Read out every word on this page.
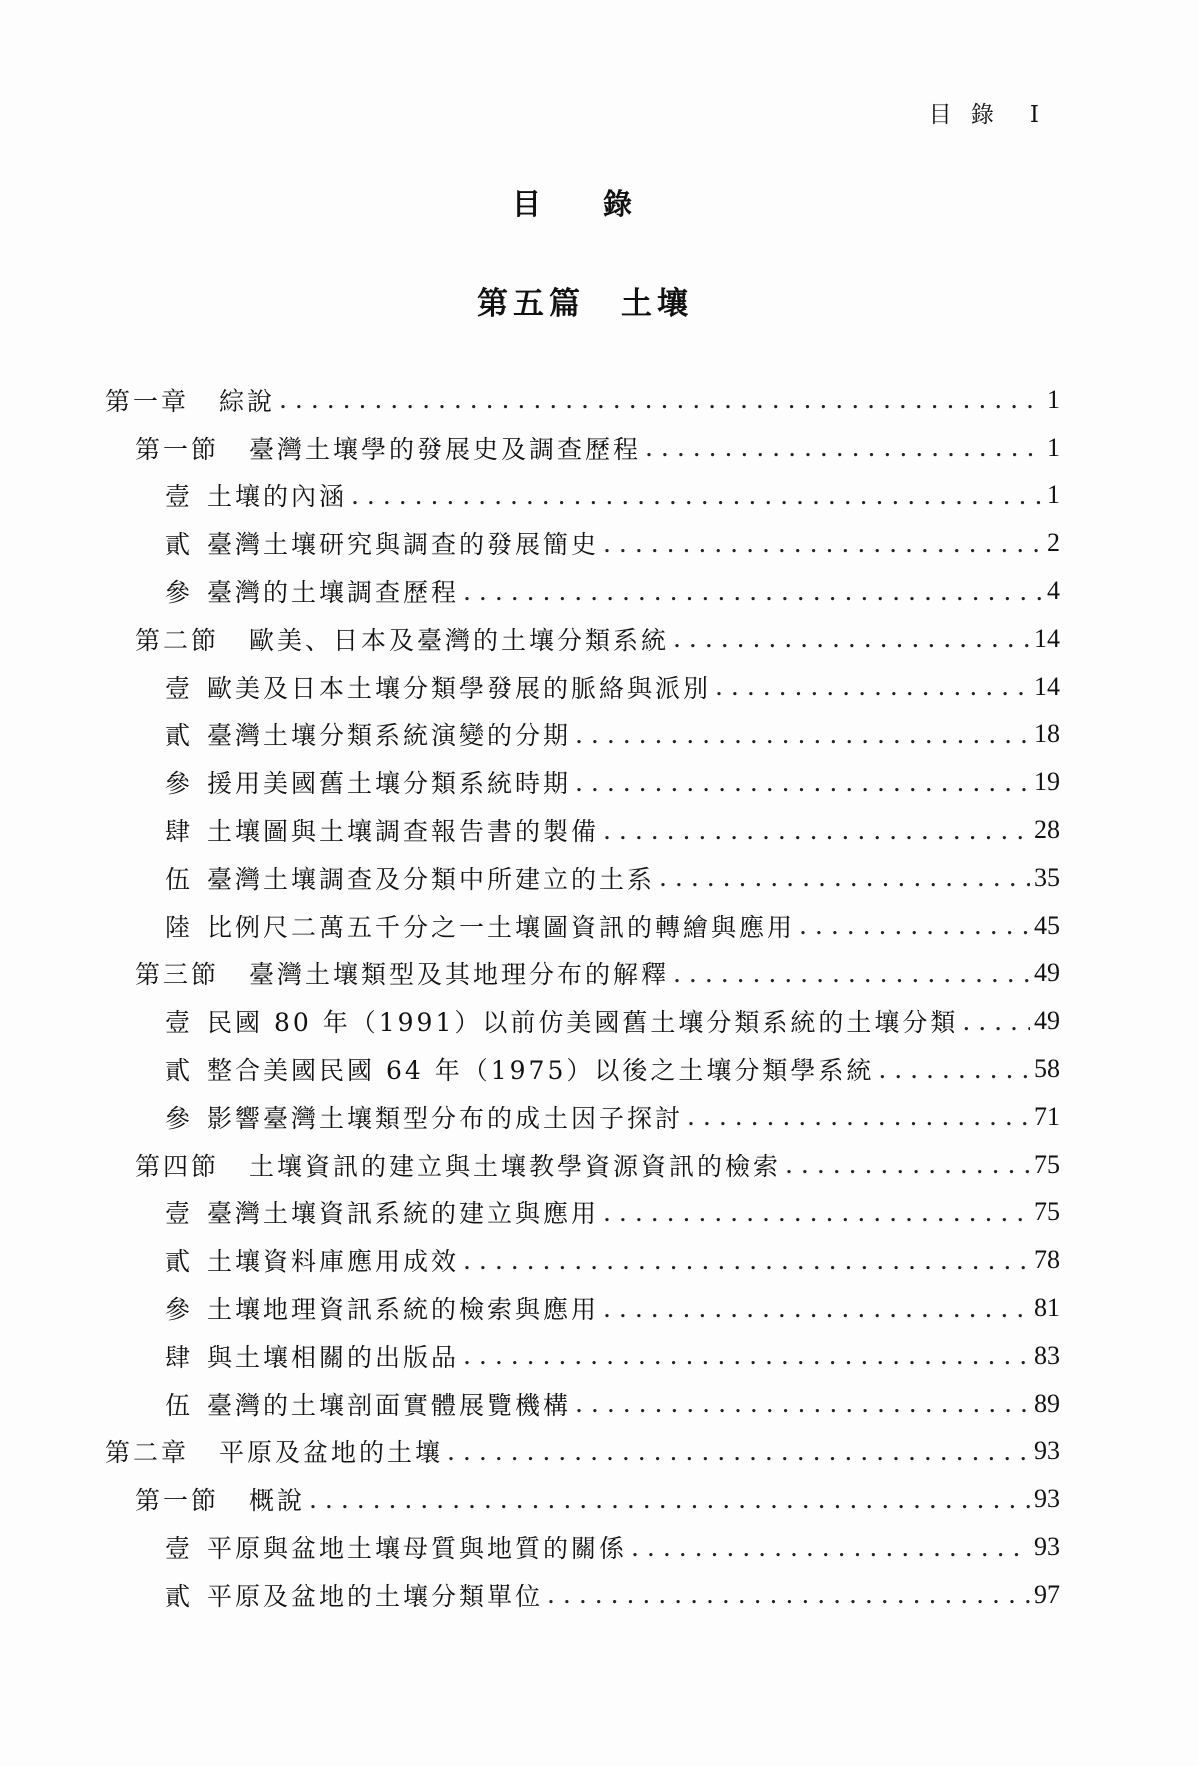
目 錄 I
目 錄
第五篇　土壤
第一章 綜說 . . .	1
第一節 臺灣土壤學的發展史及調查歷程 . . .	1
壹 土壤的內涵 . . .	1
貳 臺灣土壤研究與調查的發展簡史 . . .	2
參 臺灣的土壤調查歷程 . . .	4
第二節 歐美、日本及臺灣的土壤分類系統 . . .	14
壹 歐美及日本土壤分類學發展的脈絡與派別 . . .	14
貳 臺灣土壤分類系統演變的分期 . . .	18
參 援用美國舊土壤分類系統時期 . . .	19
肆 土壤圖與土壤調查報告書的製備 . . .	28
伍 臺灣土壤調查及分類中所建立的土系 . . .	35
陸 比例尺二萬五千分之一土壤圖資訊的轉繪與應用 . . .	45
第三節 臺灣土壤類型及其地理分布的解釋 . . .	49
壹 民國 80 年（1991）以前仿美國舊土壤分類系統的土壤分類 . . .	49
貳 整合美國民國 64 年（1975）以後之土壤分類學系統 . . .	58
參 影響臺灣土壤類型分布的成土因子探討 . . .	71
第四節 土壤資訊的建立與土壤教學資源資訊的檢索 . . .	75
壹 臺灣土壤資訊系統的建立與應用 . . .	75
貳 土壤資料庫應用成效 . . .	78
參 土壤地理資訊系統的檢索與應用 . . .	81
肆 與土壤相關的出版品 . . .	83
伍 臺灣的土壤剖面實體展覽機構 . . .	89
第二章 平原及盆地的土壤 . . .	93
第一節 概說 . . .	93
壹 平原與盆地土壤母質與地質的關係 . . .	93
貳 平原及盆地的土壤分類單位 . . .	97
